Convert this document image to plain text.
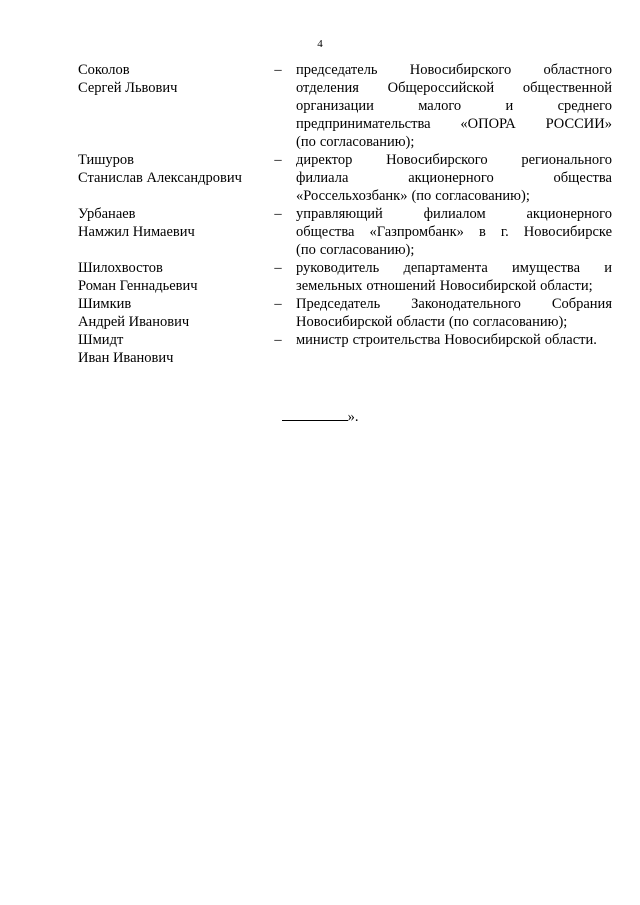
4
Соколов
Сергей Львович
– председатель Новосибирского областного
отделения Общероссийской общественной
организации	малого	и	среднего
предпринимательства «ОПОРА РОССИИ»
(по согласованию);
Тишуров
Станислав Александрович
– директор Новосибирского регионального
филиала	акционерного	общества
«Россельхозбанк» (по согласованию);
Урбанаев
Намжил Нимаевич
– управляющий	филиалом	акционерного
общества «Газпромбанк» в г. Новосибирске
(по согласованию);
Шилохвостов
Роман Геннадьевич
– руководитель департамента имущества и
земельных отношений Новосибирской области;
Шимкив
Андрей Иванович
– Председатель Законодательного Собрания
Новосибирской области (по согласованию);
Шмидт
Иван Иванович
– министр строительства Новосибирской области.
».
